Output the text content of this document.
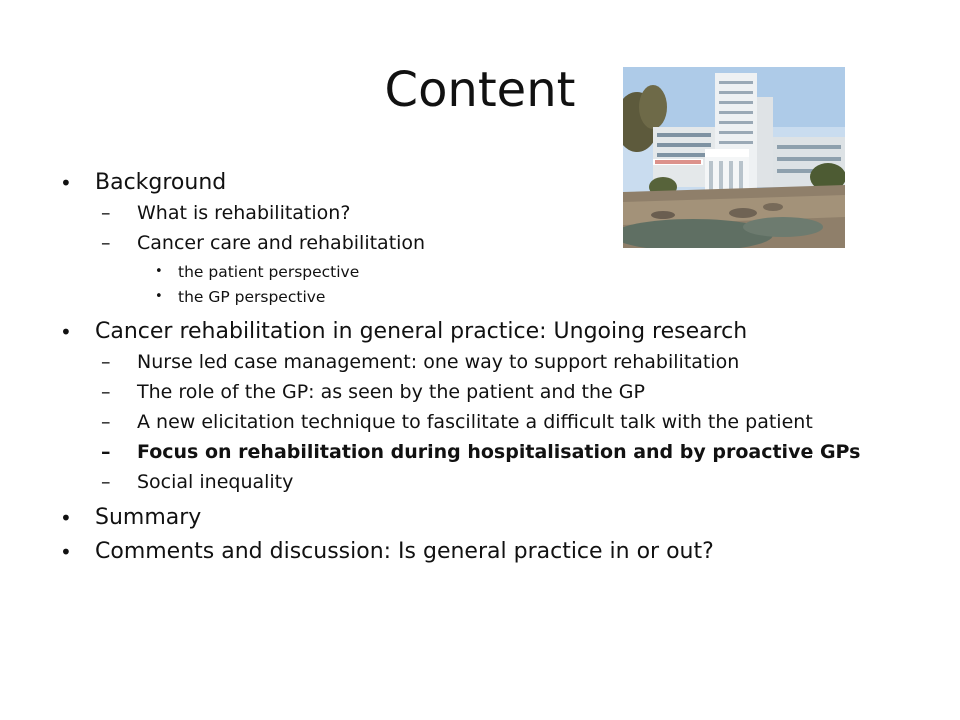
Content
• Background
– What is rehabilitation?
– Cancer care and rehabilitation
• the patient perspective
• the GP perspective
• Cancer rehabilitation in general practice: Ungoing research
– Nurse led case management: one way to support rehabilitation
– The role of the GP: as seen by the patient and the GP
– A new elicitation technique to fascilitate a difficult talk with the patient
– Focus on rehabilitation during hospitalisation and by proactive GPs
– Social inequality
• Summary
• Comments and discussion: Is general practice in or out?
